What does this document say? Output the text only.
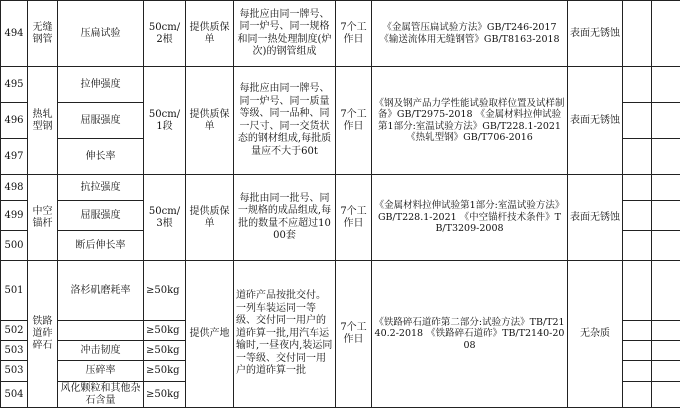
494	无缝钢管	压扁试验	50cm/2根	提供质保单	每批应由同一牌号、同一炉号、同一规格和同一热处理制度(炉次)的钢管组成	7个工作日	《金属管压扁试验方法》GB/T246-2017 《输送流体用无缝钢管》GB/T8163-2018	表面无锈蚀		
495	热轧型钢	拉伸强度	50cm/1段	提供质保单	每批应由同一牌号、同一炉号、同一质量等级、同一品种、同一尺寸、同一交货状态的钢材组成,每批质量应不大于60t	7个工作日	《钢及钢产品力学性能试验取样位置及试样制备》GB/T2975-2018 《金属材料拉伸试验第1部分:室温试验方法》GB/T228.1-2021 《热轧型钢》GB/T706-2016	表面无锈蚀		
496		屈服强度								
497		伸长率								
498	中空锚杆	抗拉强度	50cm/3根	提供质保单	每批由同一批号、同一规格的成品组成,每批的数量不应超过1000套	7个工作日	《金属材料拉伸试验第1部分:室温试验方法》GB/T228.1-2021 《中空锚杆技术条件》TB/T3209-2008	表面无锈蚀		
499		屈服强度								
500		断后伸长率								
501	铁路道砟碎石	洛杉矶磨耗率	≥50kg	提供产地	道砟产品按批交付。一列车装运同一等级、交付同一用户的道砟算一批,用汽车运输时,一昼夜内,装运同一等级、交付同一用户的道砟算一批	7个工作日	《铁路碎石道砟第二部分:试验方法》TB/T2140.2-2018 《铁路碎石道砟》TB/T2140-2008	无杂质		
502			≥50kg							
503		冲击韧度	≥50kg							
503		压碎率	≥50kg							
504		风化颗粒和其他杂石含量	≥50kg							
